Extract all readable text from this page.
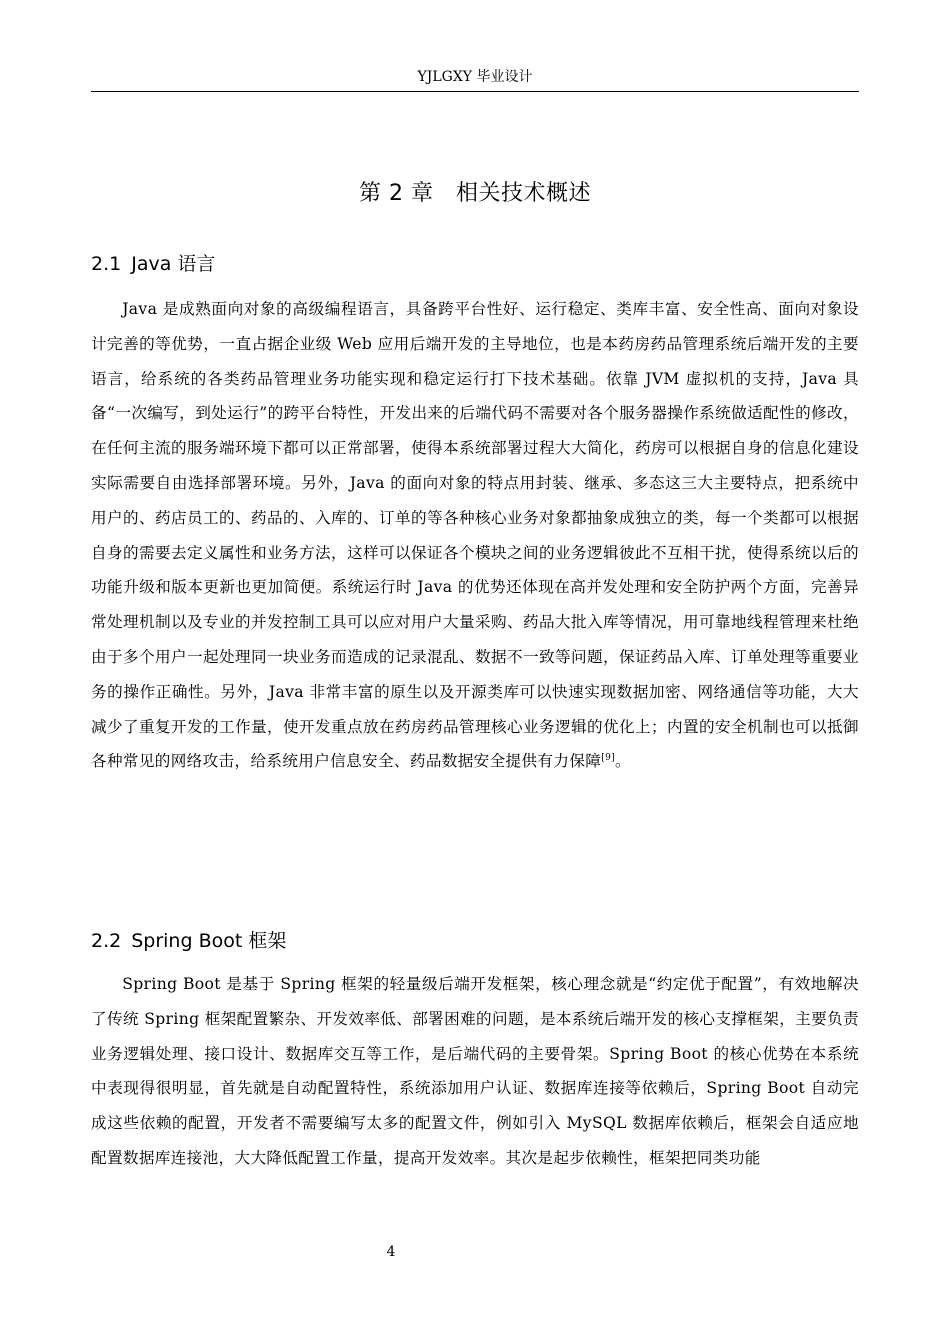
YJLGXY 毕业设计
第 2 章　相关技术概述
2.1 Java 语言

Java 是成熟面向对象的高级编程语言，具备跨平台性好、运行稳定、类库丰富、安全性高、面向对象设计完善的等优势，一直占据企业级 Web 应用后端开发的主导地位，也是本药房药品管理系统后端开发的主要语言，给系统的各类药品管理业务功能实现和稳定运行打下技术基础。依靠 JVM 虚拟机的支持，Java 具备“一次编写，到处运行”的跨平台特性，开发出来的后端代码不需要对各个服务器操作系统做适配性的修改，在任何主流的服务端环境下都可以正常部署，使得本系统部署过程大大简化，药房可以根据自身的信息化建设实际需要自由选择部署环境。另外，Java 的面向对象的特点用封装、继承、多态这三大主要特点，把系统中用户的、药店员工的、药品的、入库的、订单的等各种核心业务对象都抽象成独立的类，每一个类都可以根据自身的需要去定义属性和业务方法，这样可以保证各个模块之间的业务逻辑彼此不互相干扰，使得系统以后的功能升级和版本更新也更加简便。系统运行时 Java 的优势还体现在高并发处理和安全防护两个方面，完善异常处理机制以及专业的并发控制工具可以应对用户大量采购、药品大批入库等情况，用可靠地线程管理来杜绝由于多个用户一起处理同一块业务而造成的记录混乱、数据不一致等问题，保证药品入库、订单处理等重要业务的操作正确性。另外，Java 非常丰富的原生以及开源类库可以快速实现数据加密、网络通信等功能，大大减少了重复开发的工作量，使开发重点放在药房药品管理核心业务逻辑的优化上；内置的安全机制也可以抵御各种常见的网络攻击，给系统用户信息安全、药品数据安全提供有力保障[9]。

2.2 Spring Boot 框架

Spring Boot 是基于 Spring 框架的轻量级后端开发框架，核心理念就是“约定优于配置”，有效地解决了传统 Spring 框架配置繁杂、开发效率低、部署困难的问题，是本系统后端开发的核心支撑框架，主要负责业务逻辑处理、接口设计、数据库交互等工作，是后端代码的主要骨架。Spring Boot 的核心优势在本系统中表现得很明显，首先就是自动配置特性，系统添加用户认证、数据库连接等依赖后，Spring Boot 自动完成这些依赖的配置，开发者不需要编写太多的配置文件，例如引入 MySQL 数据库依赖后，框架会自适应地配置数据库连接池，大大降低配置工作量，提高开发效率。其次是起步依赖性，框架把同类功能

4
